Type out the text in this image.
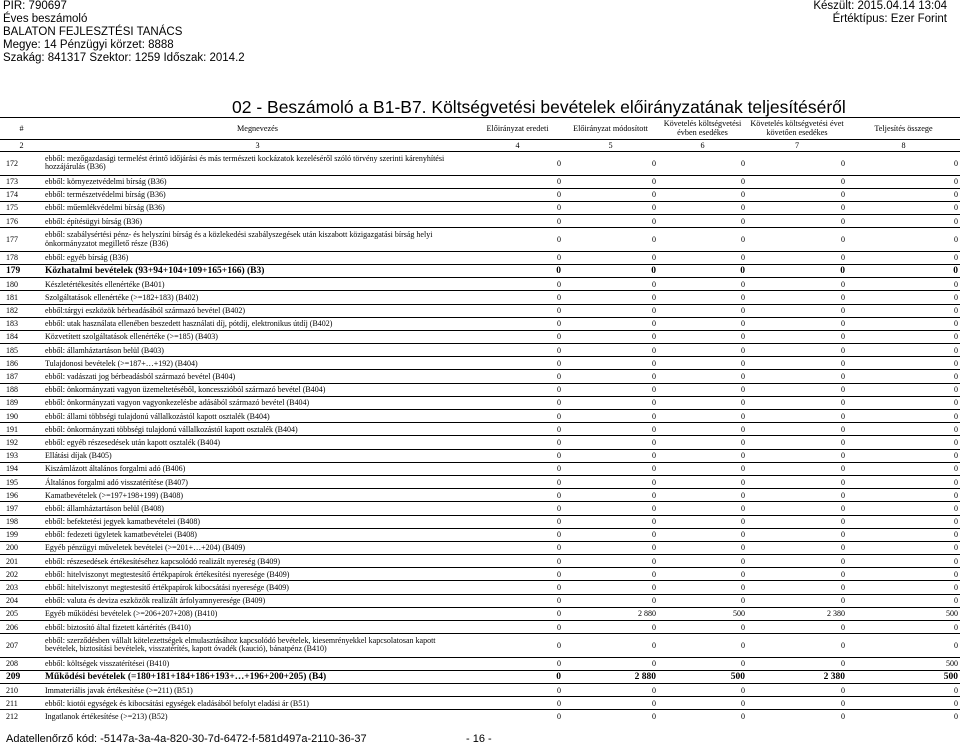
PIR: 790697
Éves beszámoló
BALATON FEJLESZTÉSI TANÁCS
Megye: 14 Pénzügyi körzet: 8888
Szakág: 841317 Szektor: 1259 Időszak: 2014.2
Készült: 2015.04.14 13:04
Értéktípus: Ezer Forint
02 - Beszámoló a B1-B7. Költségvetési bevételek előirányzatának teljesítéséről
#	Megnevezés	Előirányzat eredeti	Előirányzat módosított	Követelés költségvetési évben esedékes	Követelés költségvetési évet követően esedékes	Teljesítés összege
2	3	4	5	6	7	8
172	ebből: mezőgazdasági termelést érintő időjárási és más természeti kockázatok kezeléséről szóló törvény szerinti kárenyhítési hozzájárulás (B36)	0	0	0	0	0
173	ebből: környezetvédelmi bírság (B36)	0	0	0	0	0
174	ebből: természetvédelmi bírság (B36)	0	0	0	0	0
175	ebből: műemlékvédelmi bírság (B36)	0	0	0	0	0
176	ebből: építésügyi bírság (B36)	0	0	0	0	0
177	ebből: szabálysértési pénz- és helyszíni bírság és a közlekedési szabályszegések után kiszabott közigazgatási bírság helyi önkormányzatot megillető része (B36)	0	0	0	0	0
178	ebből: egyéb bírság (B36)	0	0	0	0	0
179	Közhatalmi bevételek (93+94+104+109+165+166) (B3)	0	0	0	0	0
180	Készletértékesítés ellenértéke (B401)	0	0	0	0	0
181	Szolgáltatások ellenértéke (>=182+183) (B402)	0	0	0	0	0
182	ebből:tárgyi eszközök bérbeadásából származó bevétel (B402)	0	0	0	0	0
183	ebből: utak használata ellenében beszedett használati díj, pótdíj, elektronikus útdíj (B402)	0	0	0	0	0
184	Közvetített szolgáltatások ellenértéke (>=185) (B403)	0	0	0	0	0
185	ebből: államháztartáson belül (B403)	0	0	0	0	0
186	Tulajdonosi bevételek (>=187+…+192) (B404)	0	0	0	0	0
187	ebből: vadászati jog bérbeadásból származó bevétel (B404)	0	0	0	0	0
188	ebből: önkormányzati vagyon üzemeltetéséből, koncesszióból származó bevétel (B404)	0	0	0	0	0
189	ebből: önkormányzati vagyon vagyonkezelésbe adásából származó bevétel (B404)	0	0	0	0	0
190	ebből: állami többségi tulajdonú vállalkozástól kapott osztalék (B404)	0	0	0	0	0
191	ebből: önkormányzati többségi tulajdonú vállalkozástól kapott osztalék (B404)	0	0	0	0	0
192	ebből: egyéb részesedések után kapott osztalék (B404)	0	0	0	0	0
193	Ellátási díjak (B405)	0	0	0	0	0
194	Kiszámlázott általános forgalmi adó (B406)	0	0	0	0	0
195	Általános forgalmi adó visszatérítése (B407)	0	0	0	0	0
196	Kamatbevételek (>=197+198+199) (B408)	0	0	0	0	0
197	ebből: államháztartáson belül (B408)	0	0	0	0	0
198	ebből: befektetési jegyek kamatbevételei (B408)	0	0	0	0	0
199	ebből: fedezeti ügyletek kamatbevételei (B408)	0	0	0	0	0
200	Egyéb pénzügyi műveletek bevételei (>=201+…+204) (B409)	0	0	0	0	0
201	ebből: részesedések értékesítéséhez kapcsolódó realizált nyereség (B409)	0	0	0	0	0
202	ebből: hitelviszonyt megtestesítő értékpapírok értékesítési nyeresége (B409)	0	0	0	0	0
203	ebből: hitelviszonyt megtestesítő értékpapírok kibocsátási nyeresége (B409)	0	0	0	0	0
204	ebből: valuta és deviza eszközök realizált árfolyamnyeresége (B409)	0	0	0	0	0
205	Egyéb működési bevételek (>=206+207+208) (B410)	0	2 880	500	2 380	500
206	ebből: biztosító által fizetett kártérítés (B410)	0	0	0	0	0
207	ebből: szerződésben vállalt kötelezettségek elmulasztásához kapcsolódó bevételek, kiesemrényekkel kapcsolatosan kapott bevételek, biztosítási bevételek, visszatérítés, kapott óvadék (kaució), bánatpénz (B410)	0	0	0	0	0
208	ebből: költségek visszatérítései (B410)	0	0	0	0	500
209	Működési bevételek (=180+181+184+186+193+…+196+200+205) (B4)	0	2 880	500	2 380	500
210	Immateriális javak értékesítése (>=211) (B51)	0	0	0	0	0
211	ebből: kiotói egységek és kibocsátási egységek eladásából befolyt eladási ár (B51)	0	0	0	0	0
212	Ingatlanok értékesítése (>=213) (B52)	0	0	0	0	0
Adatellenőrző kód: -5147a-3a-4a-820-30-7d-6472-f-581d497a-2110-36-37	- 16 -
